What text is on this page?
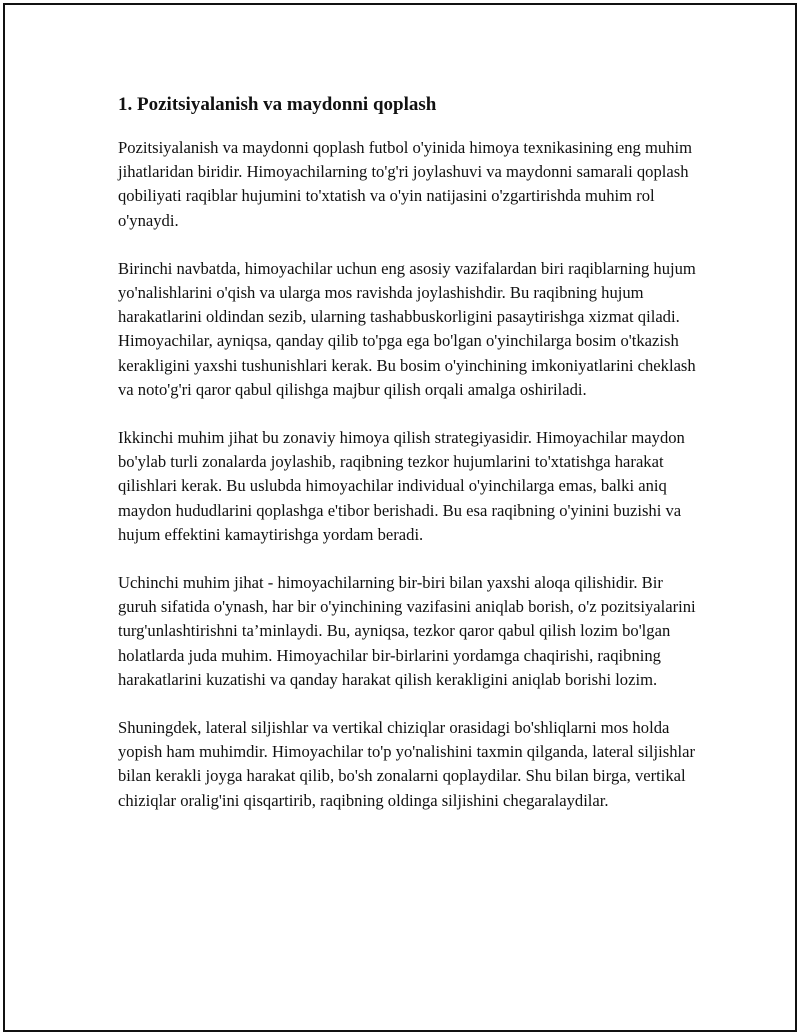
1. Pozitsiyalanish va maydonni qoplash

Pozitsiyalanish va maydonni qoplash futbol o'yinida himoya texnikasining eng muhim jihatlaridan biridir. Himoyachilarning to'g'ri joylashuvi va maydonni samarali qoplash qobiliyati raqiblar hujumini to'xtatish va o'yin natijasini o'zgartirishda muhim rol o'ynaydi.

Birinchi navbatda, himoyachilar uchun eng asosiy vazifalardan biri raqiblarning hujum yo'nalishlarini o'qish va ularga mos ravishda joylashishdir. Bu raqibning hujum harakatlarini oldindan sezib, ularning tashabbuskorligini pasaytirishga xizmat qiladi. Himoyachilar, ayniqsa, qanday qilib to'pga ega bo'lgan o'yinchilarga bosim o'tkazish kerakligini yaxshi tushunishlari kerak. Bu bosim o'yinchining imkoniyatlarini cheklash va noto'g'ri qaror qabul qilishga majbur qilish orqali amalga oshiriladi.

Ikkinchi muhim jihat bu zonaviy himoya qilish strategiyasidir. Himoyachilar maydon bo'ylab turli zonalarda joylashib, raqibning tezkor hujumlarini to'xtatishga harakat qilishlari kerak. Bu uslubda himoyachilar individual o'yinchilarga emas, balki aniq maydon hududlarini qoplashga e'tibor berishadi. Bu esa raqibning o'yinini buzishi va hujum effektini kamaytirishga yordam beradi.

Uchinchi muhim jihat - himoyachilarning bir-biri bilan yaxshi aloqa qilishidir. Bir guruh sifatida o'ynash, har bir o'yinchining vazifasini aniqlab borish, o'z pozitsiyalarini turg'unlashtirishni ta’minlaydi. Bu, ayniqsa, tezkor qaror qabul qilish lozim bo'lgan holatlarda juda muhim. Himoyachilar bir-birlarini yordamga chaqirishi, raqibning harakatlarini kuzatishi va qanday harakat qilish kerakligini aniqlab borishi lozim.

Shuningdek, lateral siljishlar va vertikal chiziqlar orasidagi bo'shliqlarni mos holda yopish ham muhimdir. Himoyachilar to'p yo'nalishini taxmin qilganda, lateral siljishlar bilan kerakli joyga harakat qilib, bo'sh zonalarni qoplaydilar. Shu bilan birga, vertikal chiziqlar oralig'ini qisqartirib, raqibning oldinga siljishini chegaralaydilar.
